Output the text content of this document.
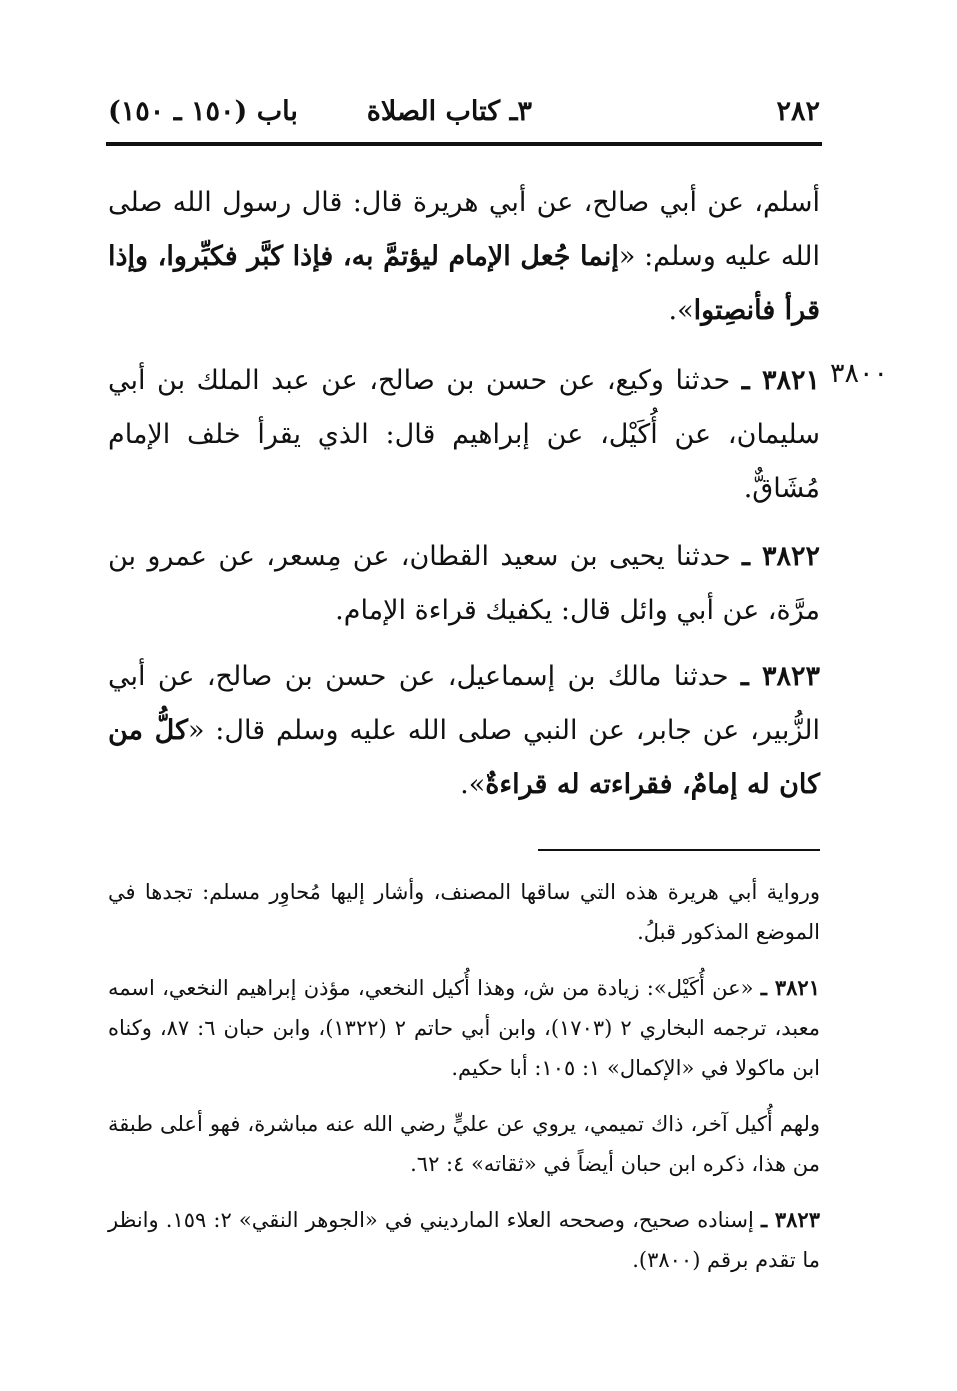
٢٨٢
٣ـ كتاب الصلاة
باب (١٥٠ ـ ١٥٠)
أسلم، عن أبي صالح، عن أبي هريرة قال: قال رسول الله صلى الله عليه وسلم: «إنما جُعل الإمام ليؤتمَّ به، فإذا كبَّر فكبِّروا، وإذا قرأ فأنصِتوا».
٣٨٠٠
٣٨٢١ ـ حدثنا وكيع، عن حسن بن صالح، عن عبد الملك بن أبي سليمان، عن أُكَيْل، عن إبراهيم قال: الذي يقرأ خلف الإمام مُشَاقٌّ.
٣٨٢٢ ـ حدثنا يحيى بن سعيد القطان، عن مِسعر، عن عمرو بن مرَّة، عن أبي وائل قال: يكفيك قراءة الإمام.
٣٨٢٣ ـ حدثنا مالك بن إسماعيل، عن حسن بن صالح، عن أبي الزُّبير، عن جابر، عن النبي صلى الله عليه وسلم قال: «كلُّ من كان له إمامٌ، فقراءته له قراءةٌ».
ورواية أبي هريرة هذه التي ساقها المصنف، وأشار إليها مُحاوِر مسلم: تجدها في الموضع المذكور قبلُ.
٣٨٢١ ـ «عن أُكَيْل»: زيادة من ش، وهذا أُكيل النخعي، مؤذن إبراهيم النخعي، اسمه معبد، ترجمه البخاري ٢ (١٧٠٣)، وابن أبي حاتم ٢ (١٣٢٢)، وابن حبان ٦: ٨٧، وكناه ابن ماكولا في «الإكمال» ١: ١٠٥: أبا حكيم.
ولهم أُكيل آخر، ذاك تميمي، يروي عن عليٍّ رضي الله عنه مباشرة، فهو أعلى طبقة من هذا، ذكره ابن حبان أيضاً في «ثقاته» ٤: ٦٢.
٣٨٢٣ ـ إسناده صحيح، وصححه العلاء المارديني في «الجوهر النقي» ٢: ١٥٩. وانظر ما تقدم برقم (٣٨٠٠).
